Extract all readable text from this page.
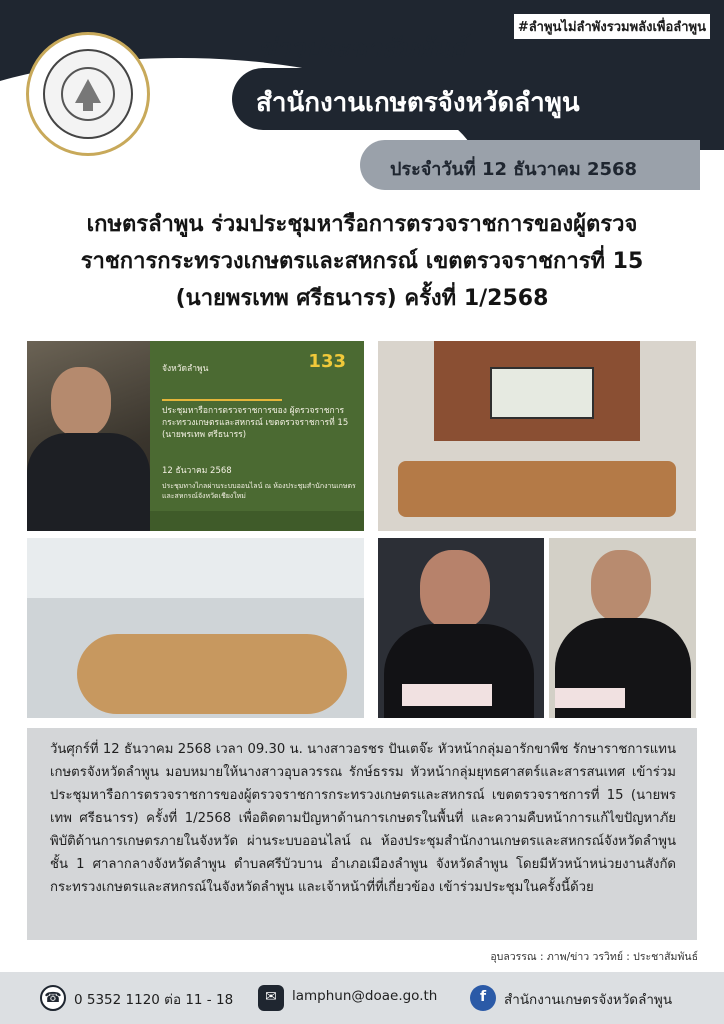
#ลำพูนไม่ลำพังรวมพลังเพื่อลำพูน
ข่าวประชาสัมพันธ์
สำนักงานเกษตรจังหวัดลำพูน
ประจำวันที่ 12 ธันวาคม 2568
เกษตรลำพูน ร่วมประชุมหารือการตรวจราชการของผู้ตรวจ
ราชการกระทรวงเกษตรและสหกรณ์ เขตตรวจราชการที่ 15
(นายพรเทพ ศรีธนารร) ครั้งที่ 1/2568
จังหวัดลำพูน	133
ประชุมหารือการตรวจราชการของ ผู้ตรวจราชการกระทรวงเกษตรและสหกรณ์ เขตตรวจราชการที่ 15 (นายพรเทพ ศรีธนารร)
12 ธันวาคม 2568
ประชุมทางไกลผ่านระบบออนไลน์ ณ ห้องประชุมสำนักงานเกษตรและสหกรณ์จังหวัดเชียงใหม่
วันศุกร์ที่ 12 ธันวาคม 2568 เวลา 09.30 น. นางสาวอรชร ปันเตจ๊ะ หัวหน้ากลุ่มอารักขาพืช รักษาราชการแทนเกษตรจังหวัดลำพูน มอบหมายให้นางสาวอุบลวรรณ รักษ์ธรรม หัวหน้ากลุ่มยุทธศาสตร์และสารสนเทศ เข้าร่วมประชุมหารือการตรวจราชการของผู้ตรวจราชการกระทรวงเกษตรและสหกรณ์ เขตตรวจราชการที่ 15 (นายพรเทพ ศรีธนารร) ครั้งที่ 1/2568 เพื่อติดตามปัญหาด้านการเกษตรในพื้นที่ และความคืบหน้าการแก้ไขปัญหาภัยพิบัติด้านการเกษตรภายในจังหวัด ผ่านระบบออนไลน์ ณ ห้องประชุมสำนักงานเกษตรและสหกรณ์จังหวัดลำพูน ชั้น 1 ศาลากลางจังหวัดลำพูน ตำบลศรีบัวบาน อำเภอเมืองลำพูน จังหวัดลำพูน โดยมีหัวหน้าหน่วยงานสังกัดกระทรวงเกษตรและสหกรณ์ในจังหวัดลำพูน และเจ้าหน้าที่ที่เกี่ยวข้อง เข้าร่วมประชุมในครั้งนี้ด้วย
อุบลวรรณ : ภาพ/ข่าว วรวิทย์ : ประชาสัมพันธ์
☎ 0 5352 1120 ต่อ 11 - 18	✉	lamphun@doae.go.th	f	สำนักงานเกษตรจังหวัดลำพูน
